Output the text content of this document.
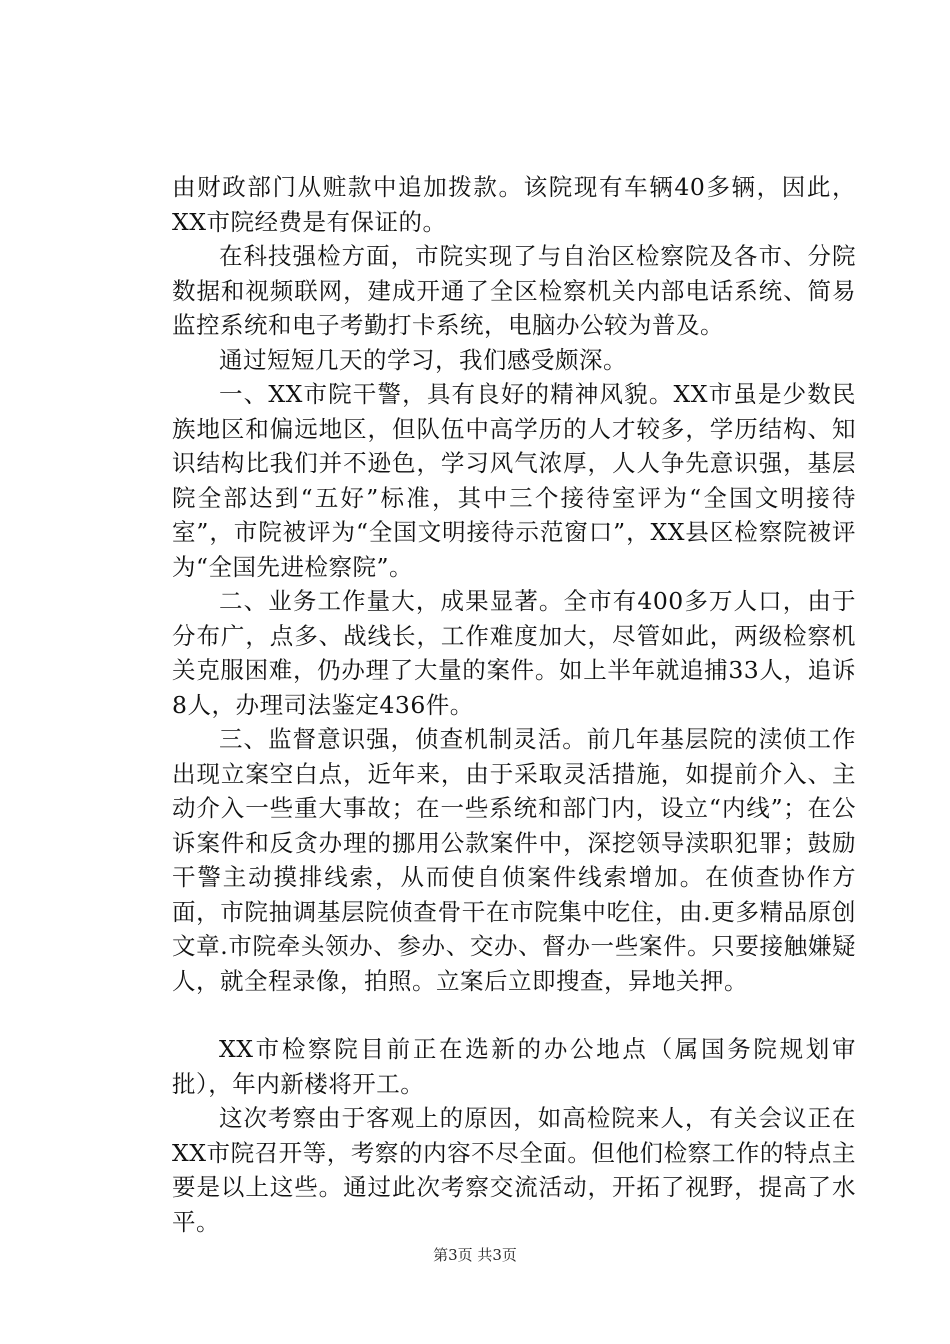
由财政部门从赃款中追加拨款。该院现有车辆40多辆，因此，XX市院经费是有保证的。

在科技强检方面，市院实现了与自治区检察院及各市、分院数据和视频联网，建成开通了全区检察机关内部电话系统、简易监控系统和电子考勤打卡系统，电脑办公较为普及。

通过短短几天的学习，我们感受颇深。

一、XX市院干警，具有良好的精神风貌。XX市虽是少数民族地区和偏远地区，但队伍中高学历的人才较多，学历结构、知识结构比我们并不逊色，学习风气浓厚，人人争先意识强，基层院全部达到“五好”标准，其中三个接待室评为“全国文明接待室”，市院被评为“全国文明接待示范窗口”，XX县区检察院被评为“全国先进检察院”。

二、业务工作量大，成果显著。全市有400多万人口，由于分布广，点多、战线长，工作难度加大，尽管如此，两级检察机关克服困难，仍办理了大量的案件。如上半年就追捕33人，追诉8人，办理司法鉴定436件。

三、监督意识强，侦查机制灵活。前几年基层院的渎侦工作出现立案空白点，近年来，由于采取灵活措施，如提前介入、主动介入一些重大事故；在一些系统和部门内，设立“内线”；在公诉案件和反贪办理的挪用公款案件中，深挖领导渎职犯罪；鼓励干警主动摸排线索，从而使自侦案件线索增加。在侦查协作方面，市院抽调基层院侦查骨干在市院集中吃住，由.更多精品原创文章.市院牵头领办、参办、交办、督办一些案件。只要接触嫌疑人，就全程录像，拍照。立案后立即搜查，异地关押。

XX市检察院目前正在选新的办公地点（属国务院规划审批），年内新楼将开工。

这次考察由于客观上的原因，如高检院来人，有关会议正在XX市院召开等，考察的内容不尽全面。但他们检察工作的特点主要是以上这些。通过此次考察交流活动，开拓了视野，提高了水平。

第3页 共3页
